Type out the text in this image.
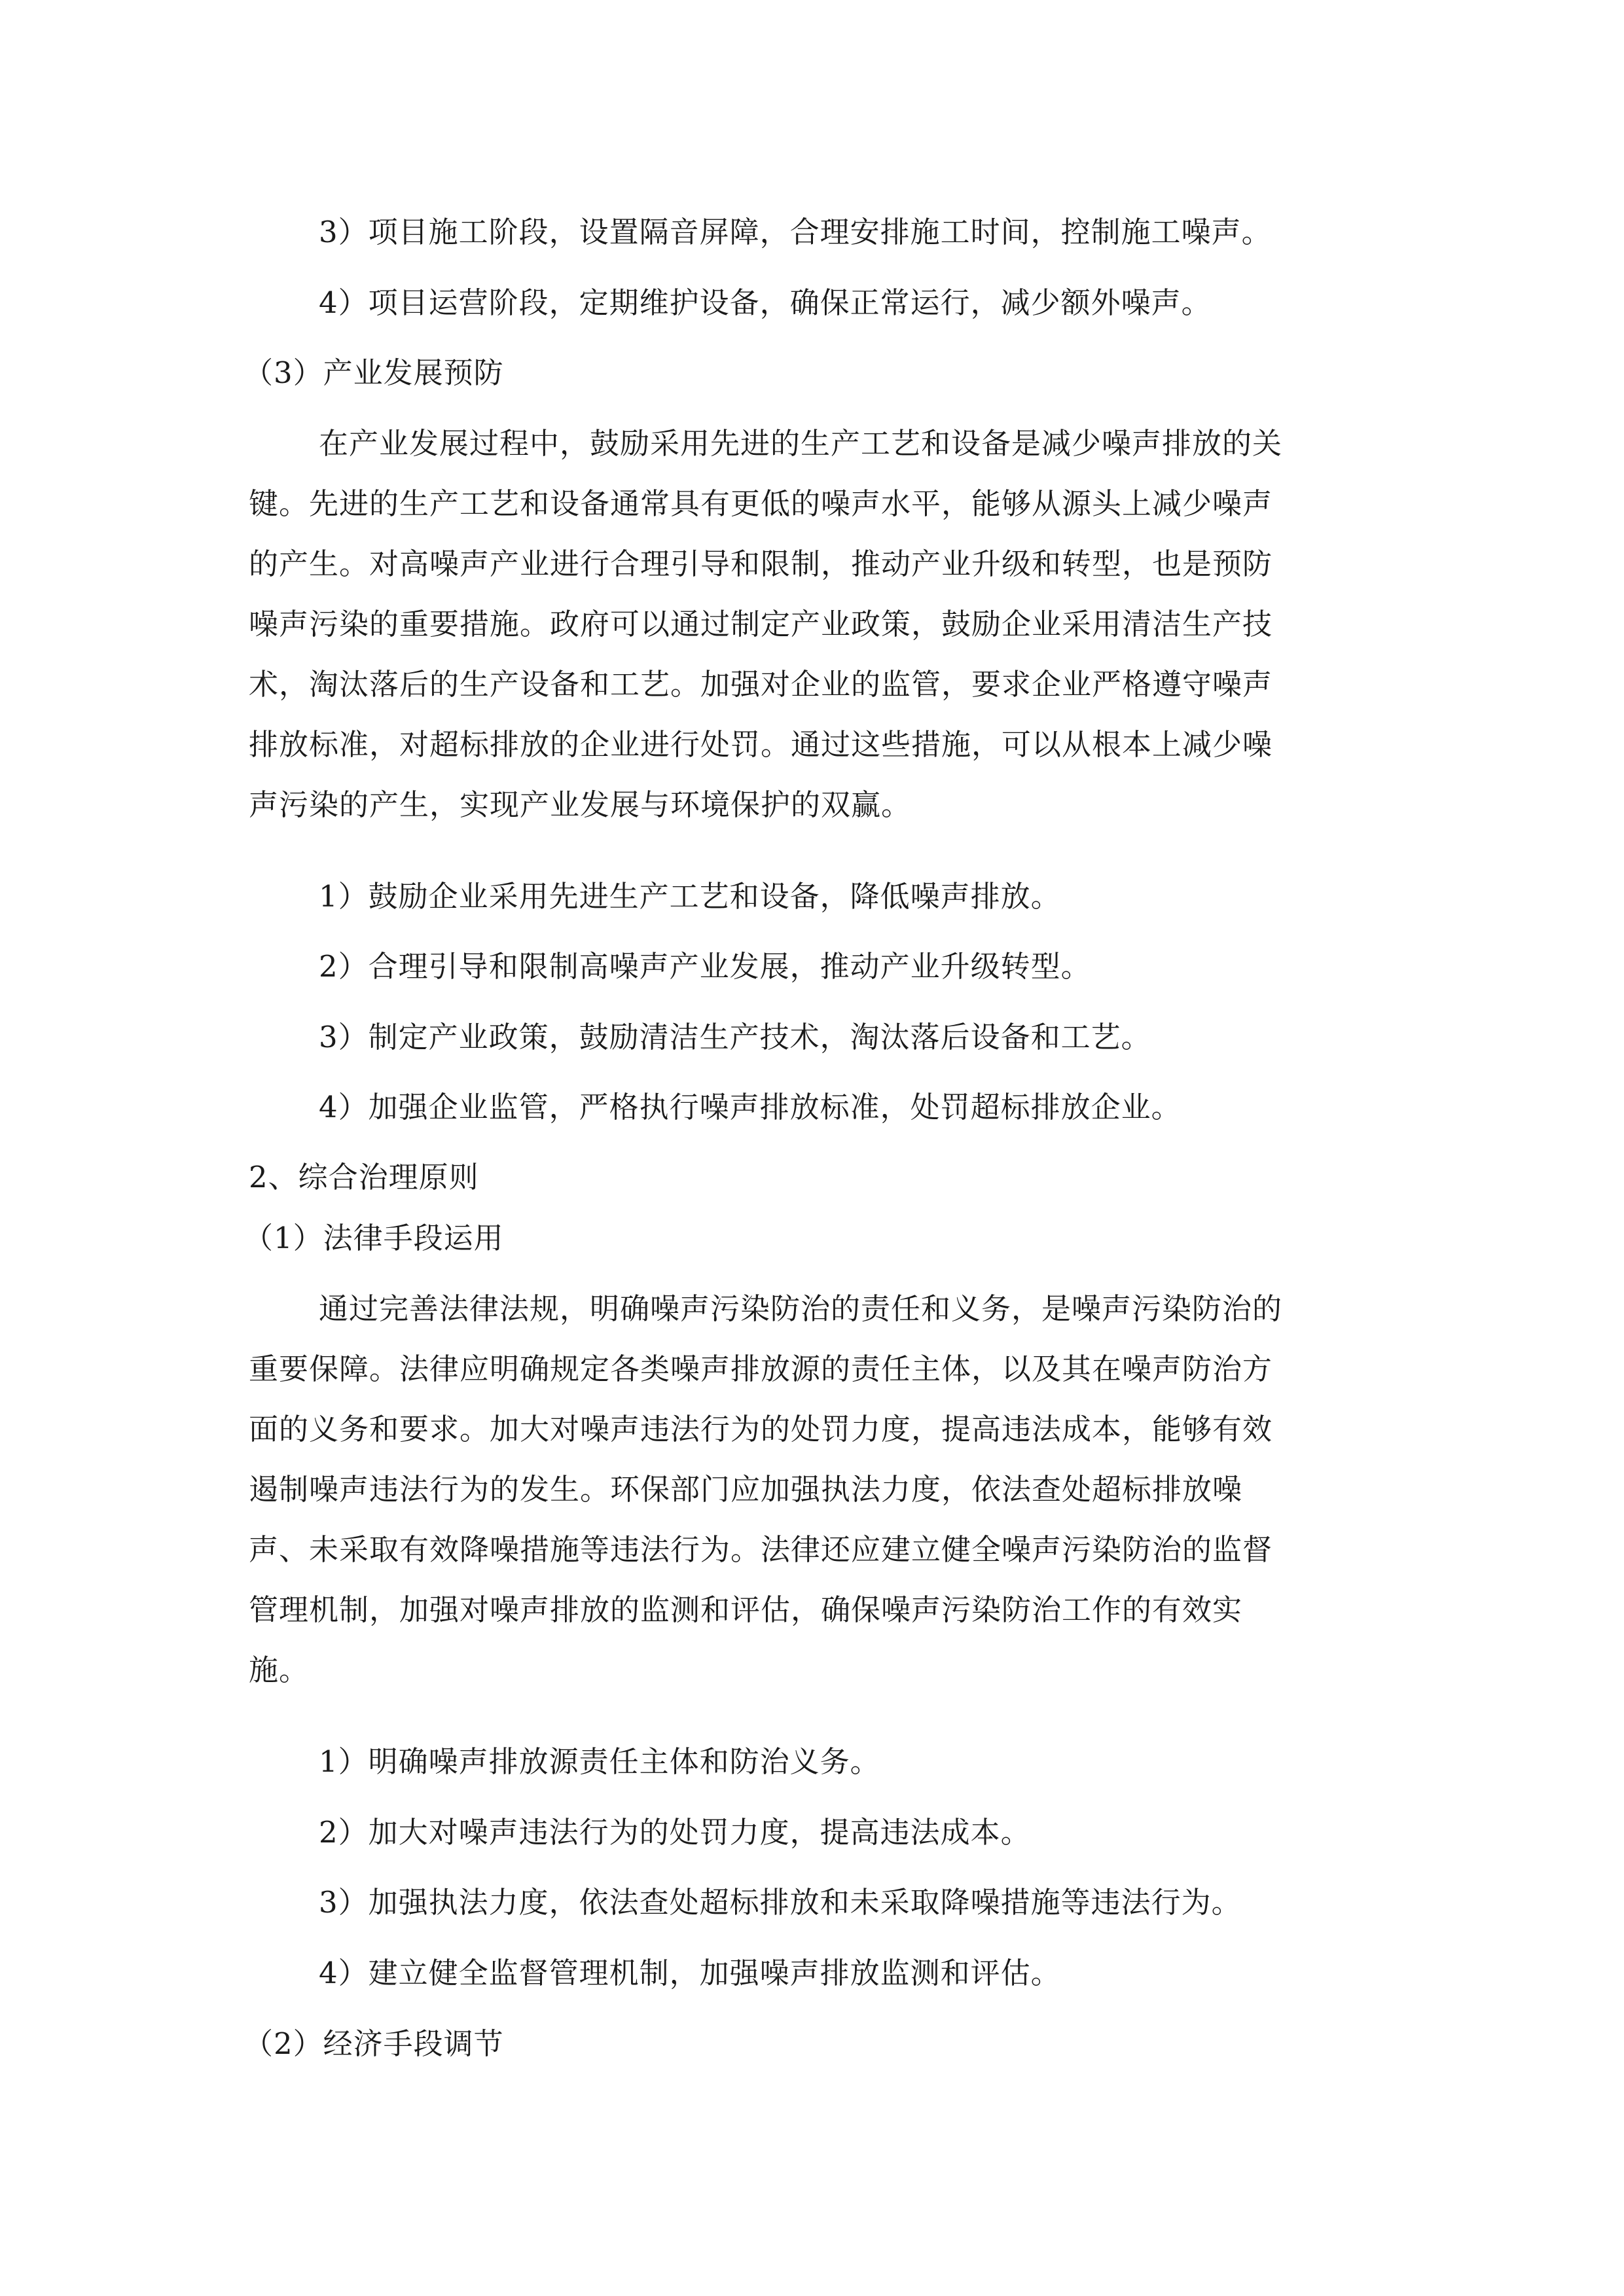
3）项目施工阶段，设置隔音屏障，合理安排施工时间，控制施工噪声。
4）项目运营阶段，定期维护设备，确保正常运行，减少额外噪声。
（3）产业发展预防
在产业发展过程中，鼓励采用先进的生产工艺和设备是减少噪声排放的关
键。先进的生产工艺和设备通常具有更低的噪声水平，能够从源头上减少噪声
的产生。对高噪声产业进行合理引导和限制，推动产业升级和转型，也是预防
噪声污染的重要措施。政府可以通过制定产业政策，鼓励企业采用清洁生产技
术，淘汰落后的生产设备和工艺。加强对企业的监管，要求企业严格遵守噪声
排放标准，对超标排放的企业进行处罚。通过这些措施，可以从根本上减少噪
声污染的产生，实现产业发展与环境保护的双赢。
1）鼓励企业采用先进生产工艺和设备，降低噪声排放。
2）合理引导和限制高噪声产业发展，推动产业升级转型。
3）制定产业政策，鼓励清洁生产技术，淘汰落后设备和工艺。
4）加强企业监管，严格执行噪声排放标准，处罚超标排放企业。
2、综合治理原则
（1）法律手段运用
通过完善法律法规，明确噪声污染防治的责任和义务，是噪声污染防治的
重要保障。法律应明确规定各类噪声排放源的责任主体，以及其在噪声防治方
面的义务和要求。加大对噪声违法行为的处罚力度，提高违法成本，能够有效
遏制噪声违法行为的发生。环保部门应加强执法力度，依法查处超标排放噪
声、未采取有效降噪措施等违法行为。法律还应建立健全噪声污染防治的监督
管理机制，加强对噪声排放的监测和评估，确保噪声污染防治工作的有效实
施。
1）明确噪声排放源责任主体和防治义务。
2）加大对噪声违法行为的处罚力度，提高违法成本。
3）加强执法力度，依法查处超标排放和未采取降噪措施等违法行为。
4）建立健全监督管理机制，加强噪声排放监测和评估。
（2）经济手段调节
